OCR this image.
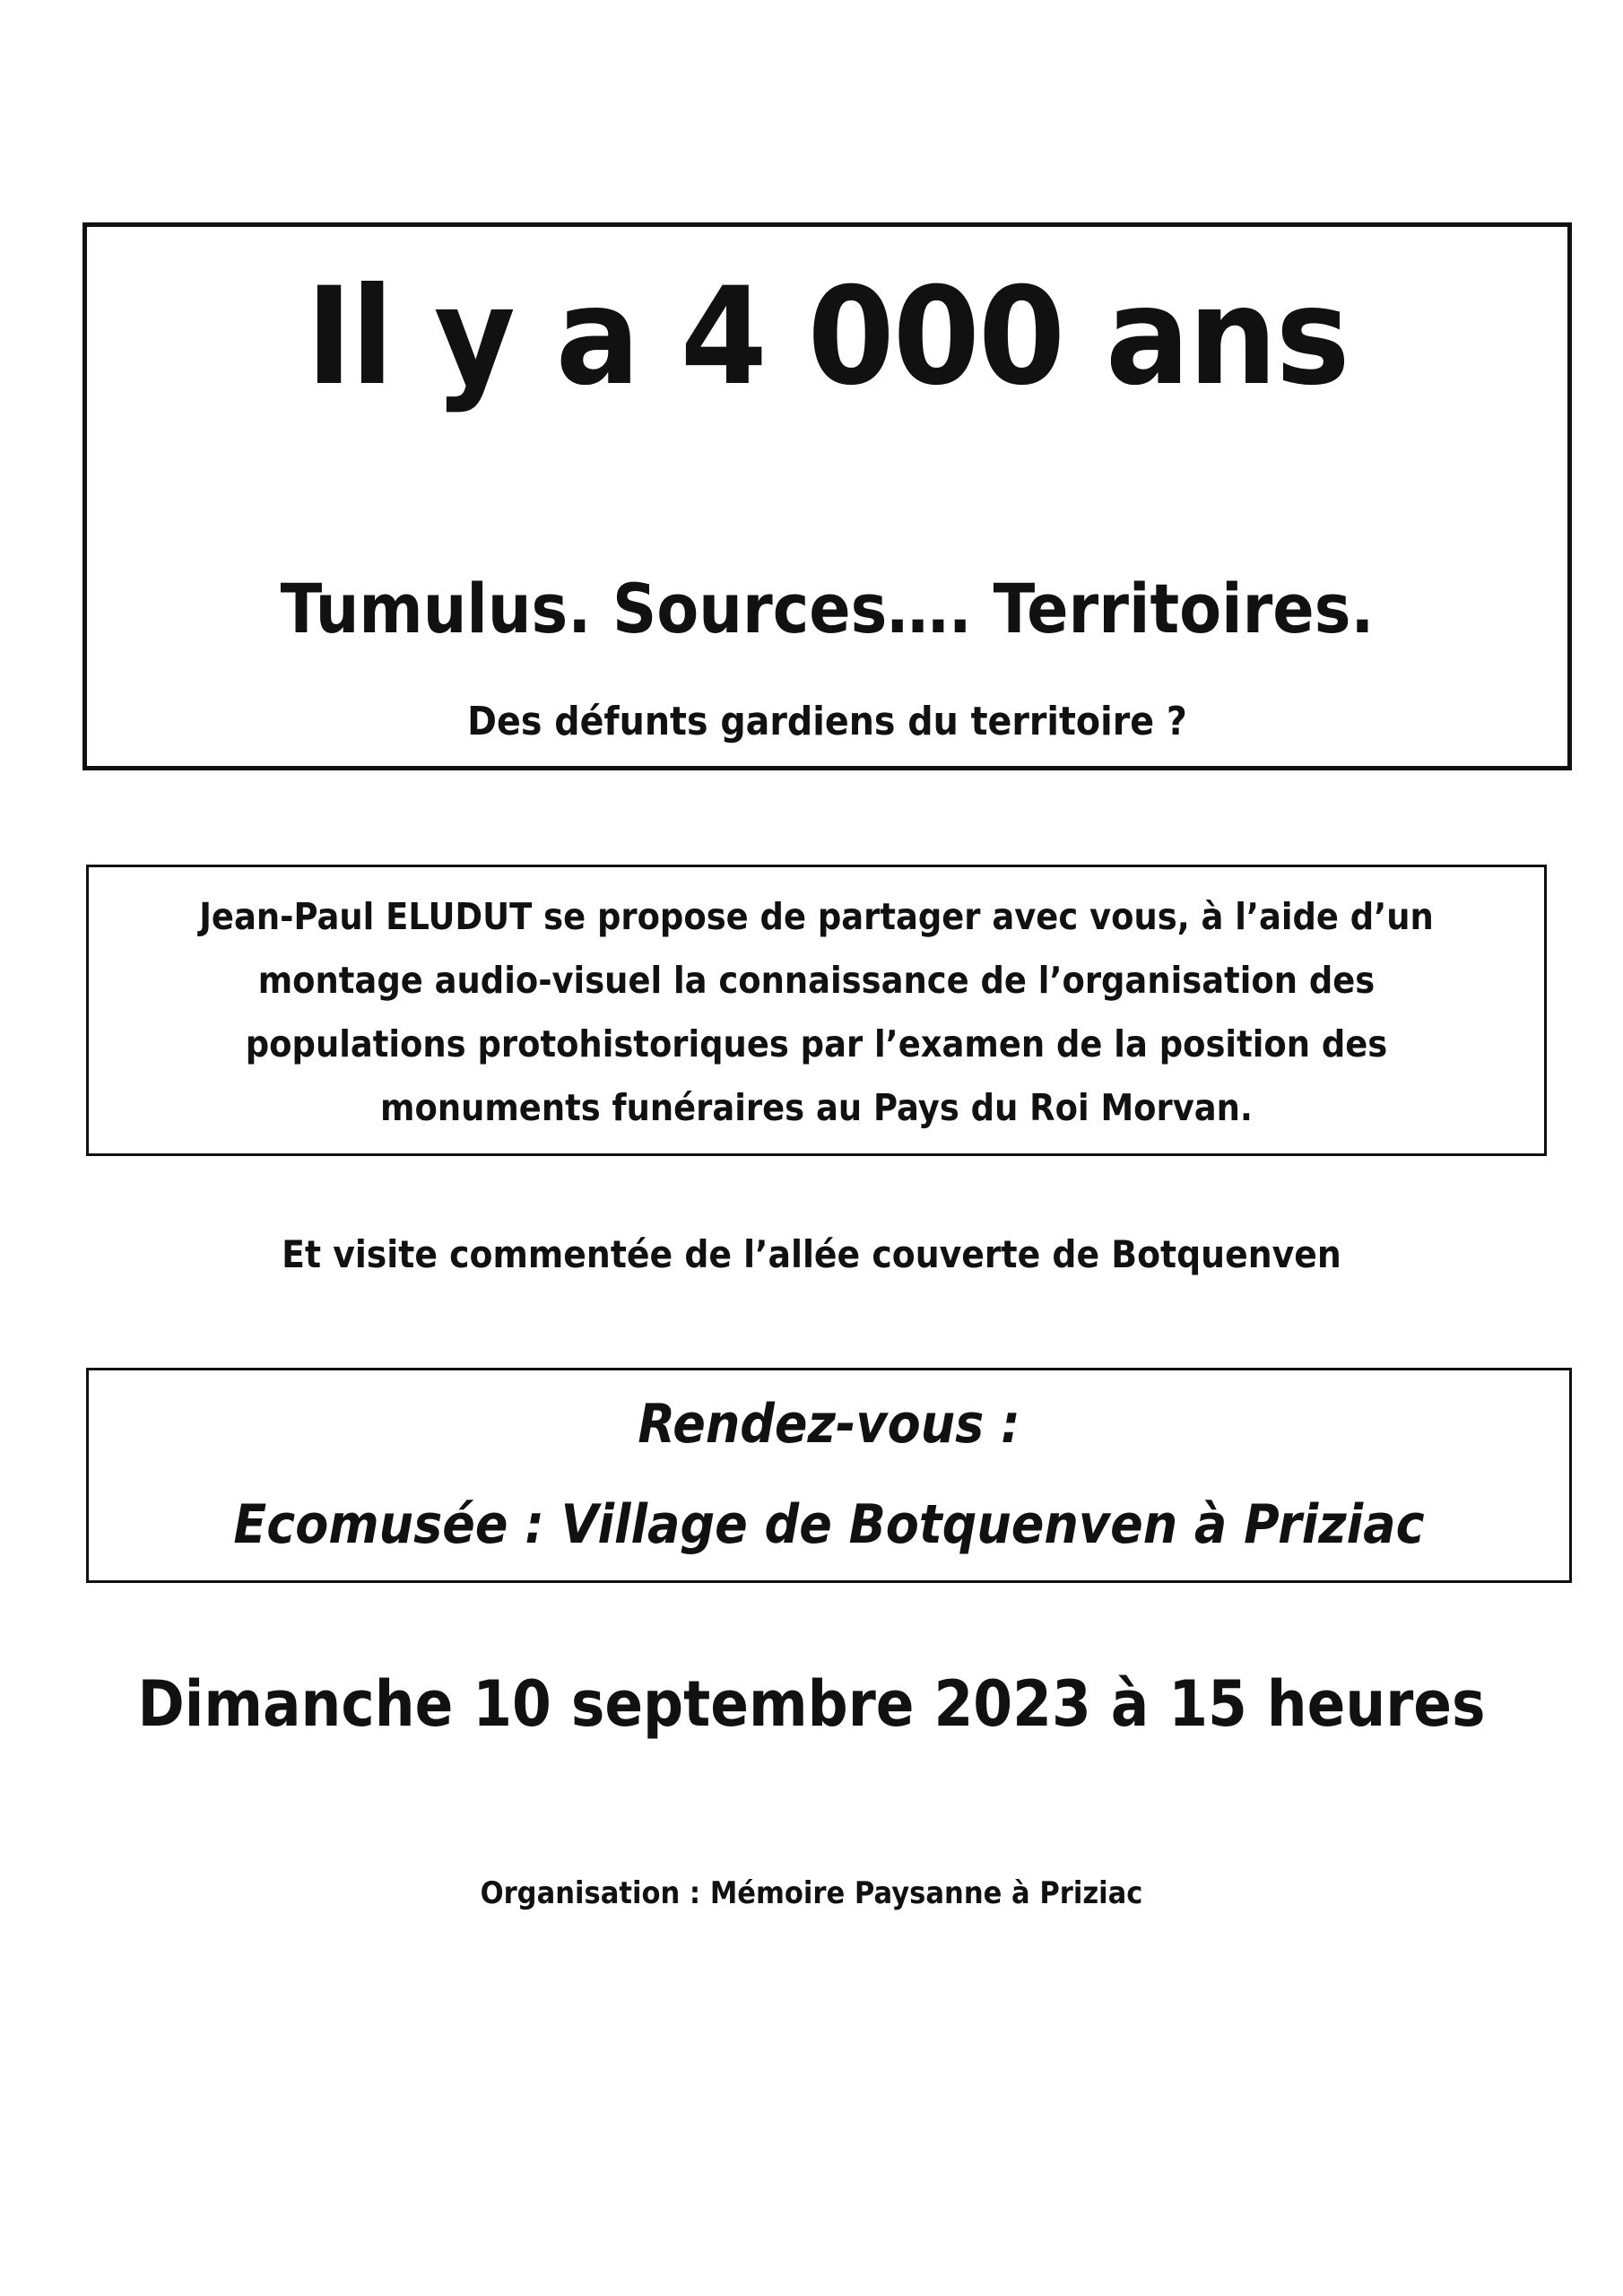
Il y a 4 000 ans
Tumulus. Sources…. Territoires.
Des défunts gardiens du territoire ?
Jean-Paul ELUDUT se propose de partager avec vous, à l’aide d’un
montage audio-visuel la connaissance de l’organisation des
populations protohistoriques par l’examen de la position des
monuments funéraires au Pays du Roi Morvan.
Et visite commentée de l’allée couverte de Botquenven
Rendez-vous :
Ecomusée : Village de Botquenven à Priziac
Dimanche 10 septembre 2023 à 15 heures
Organisation : Mémoire Paysanne à Priziac
